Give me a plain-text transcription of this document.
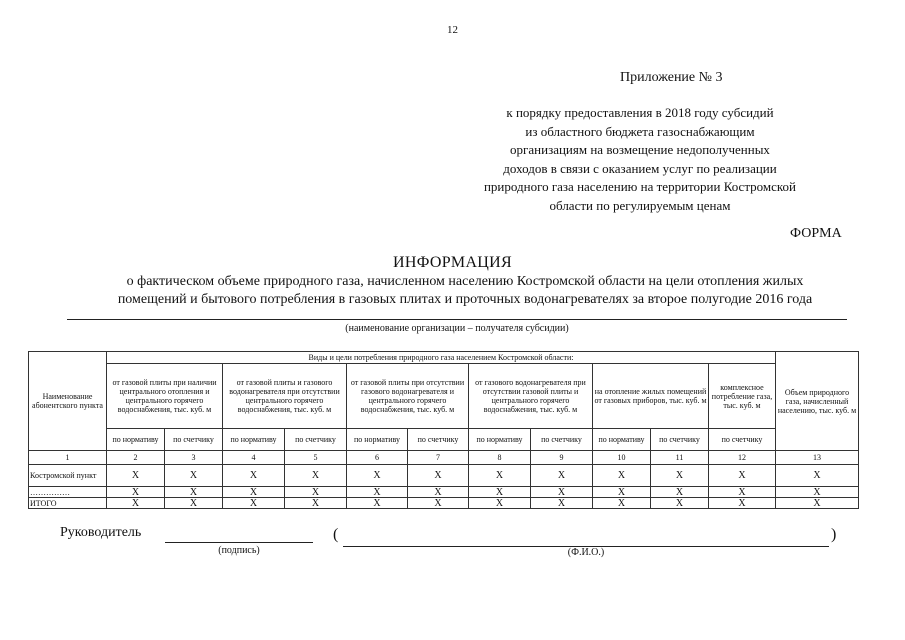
12
Приложение № 3
к порядку предоставления в 2018 году субсидий
из областного бюджета газоснабжающим
организациям на возмещение недополученных
доходов в связи с оказанием услуг по реализации
природного газа населению на территории Костромской
области по регулируемым ценам
ФОРМА
ИНФОРМАЦИЯ
о фактическом объеме природного газа, начисленном населению Костромской области на цели отопления жилых
помещений и бытового потребления в газовых плитах и проточных водонагревателях за второе полугодие 2016 года
(наименование организации – получателя субсидии)
Наименование абонентского пункта	Виды и цели потребления природного газа населением Костромской области:											Объем природного газа, начисленный населению, тыс. куб. м
	от газовой плиты при наличии центрального отопления и центрального горячего водоснабжения, тыс. куб. м		от газовой плиты и газового водонагревателя при отсутствии центрального горячего водоснабжения, тыс. куб. м		от газовой плиты при отсутствии газового водонагревателя и центрального горячего водоснабжения, тыс. куб. м		от газового водонагревателя при отсутствии газовой плиты и центрального горячего водоснабжения, тыс. куб. м		на отопление жилых помещений от газовых приборов, тыс. куб. м		комплексное потребление газа, тыс. куб. м	
	по нормативу	по счетчику	по нормативу	по счетчику	по нормативу	по счетчику	по нормативу	по счетчику	по нормативу	по счетчику	по счетчику	
1	2	3	4	5	6	7	8	9	10	11	12	13
Костромской пункт	X	X	X	X	X	X	X	X	X	X	X	X
……………	X	X	X	X	X	X	X	X	X	X	X	X
ИТОГО	X	X	X	X	X	X	X	X	X	X	X	X
Руководитель
(подпись)
(	)
(Ф.И.О.)
